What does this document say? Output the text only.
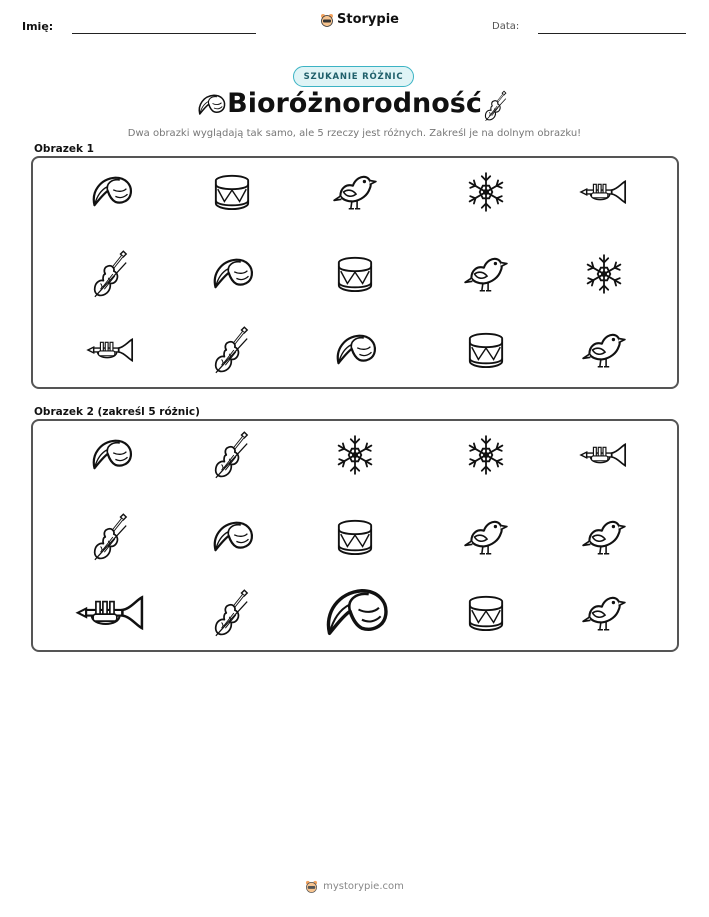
Imię:	Storypie	Data:
SZUKANIE RÓŻNIC
Bioróżnorodność
Dwa obrazki wyglądają tak samo, ale 5 rzeczy jest różnych. Zakreśl je na dolnym obrazku!
Obrazek 1
Obrazek 2 (zakreśl 5 różnic)
mystorypie.com
